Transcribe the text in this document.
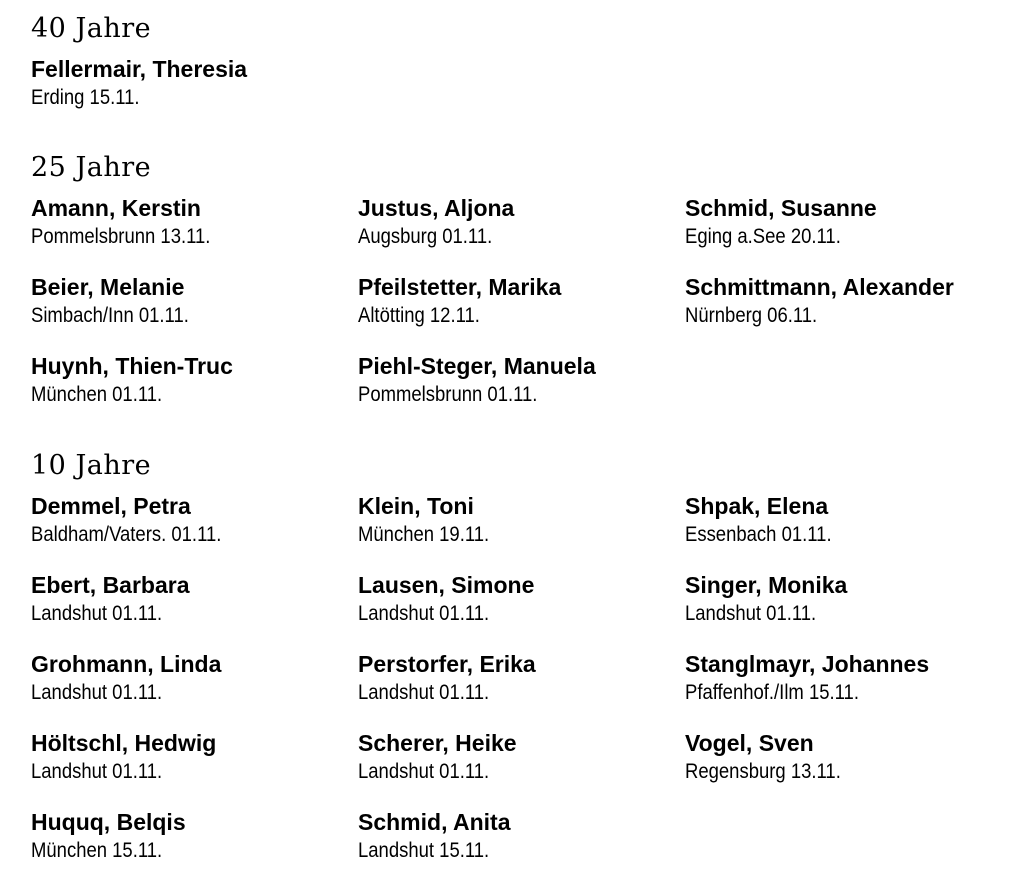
40 Jahre

Fellermair, Theresia

Erding 15.11.

25 Jahre

Amann, Kerstin

Pommelsbrunn 13.11.

Beier, Melanie

Simbach/Inn 01.11.

Huynh, Thien-Truc

München 01.11.

Justus, Aljona

Augsburg 01.11.

Pfeilstetter, Marika

Altötting 12.11.

Piehl-Steger, Manuela

Pommelsbrunn 01.11.

Schmid, Susanne

Eging a.See 20.11.

Schmittmann, Alexander

Nürnberg 06.11.

10 Jahre

Demmel, Petra

Baldham/Vaters. 01.11.

Ebert, Barbara

Landshut 01.11.

Grohmann, Linda

Landshut 01.11.

Höltschl, Hedwig

Landshut 01.11.

Huquq, Belqis

München 15.11.

Klein, Toni

München 19.11.

Lausen, Simone

Landshut 01.11.

Perstorfer, Erika

Landshut 01.11.

Scherer, Heike

Landshut 01.11.

Schmid, Anita

Landshut 15.11.

Shpak, Elena

Essenbach 01.11.

Singer, Monika

Landshut 01.11.

Stanglmayr, Johannes

Pfaffenhof./Ilm 15.11.

Vogel, Sven

Regensburg 13.11.
